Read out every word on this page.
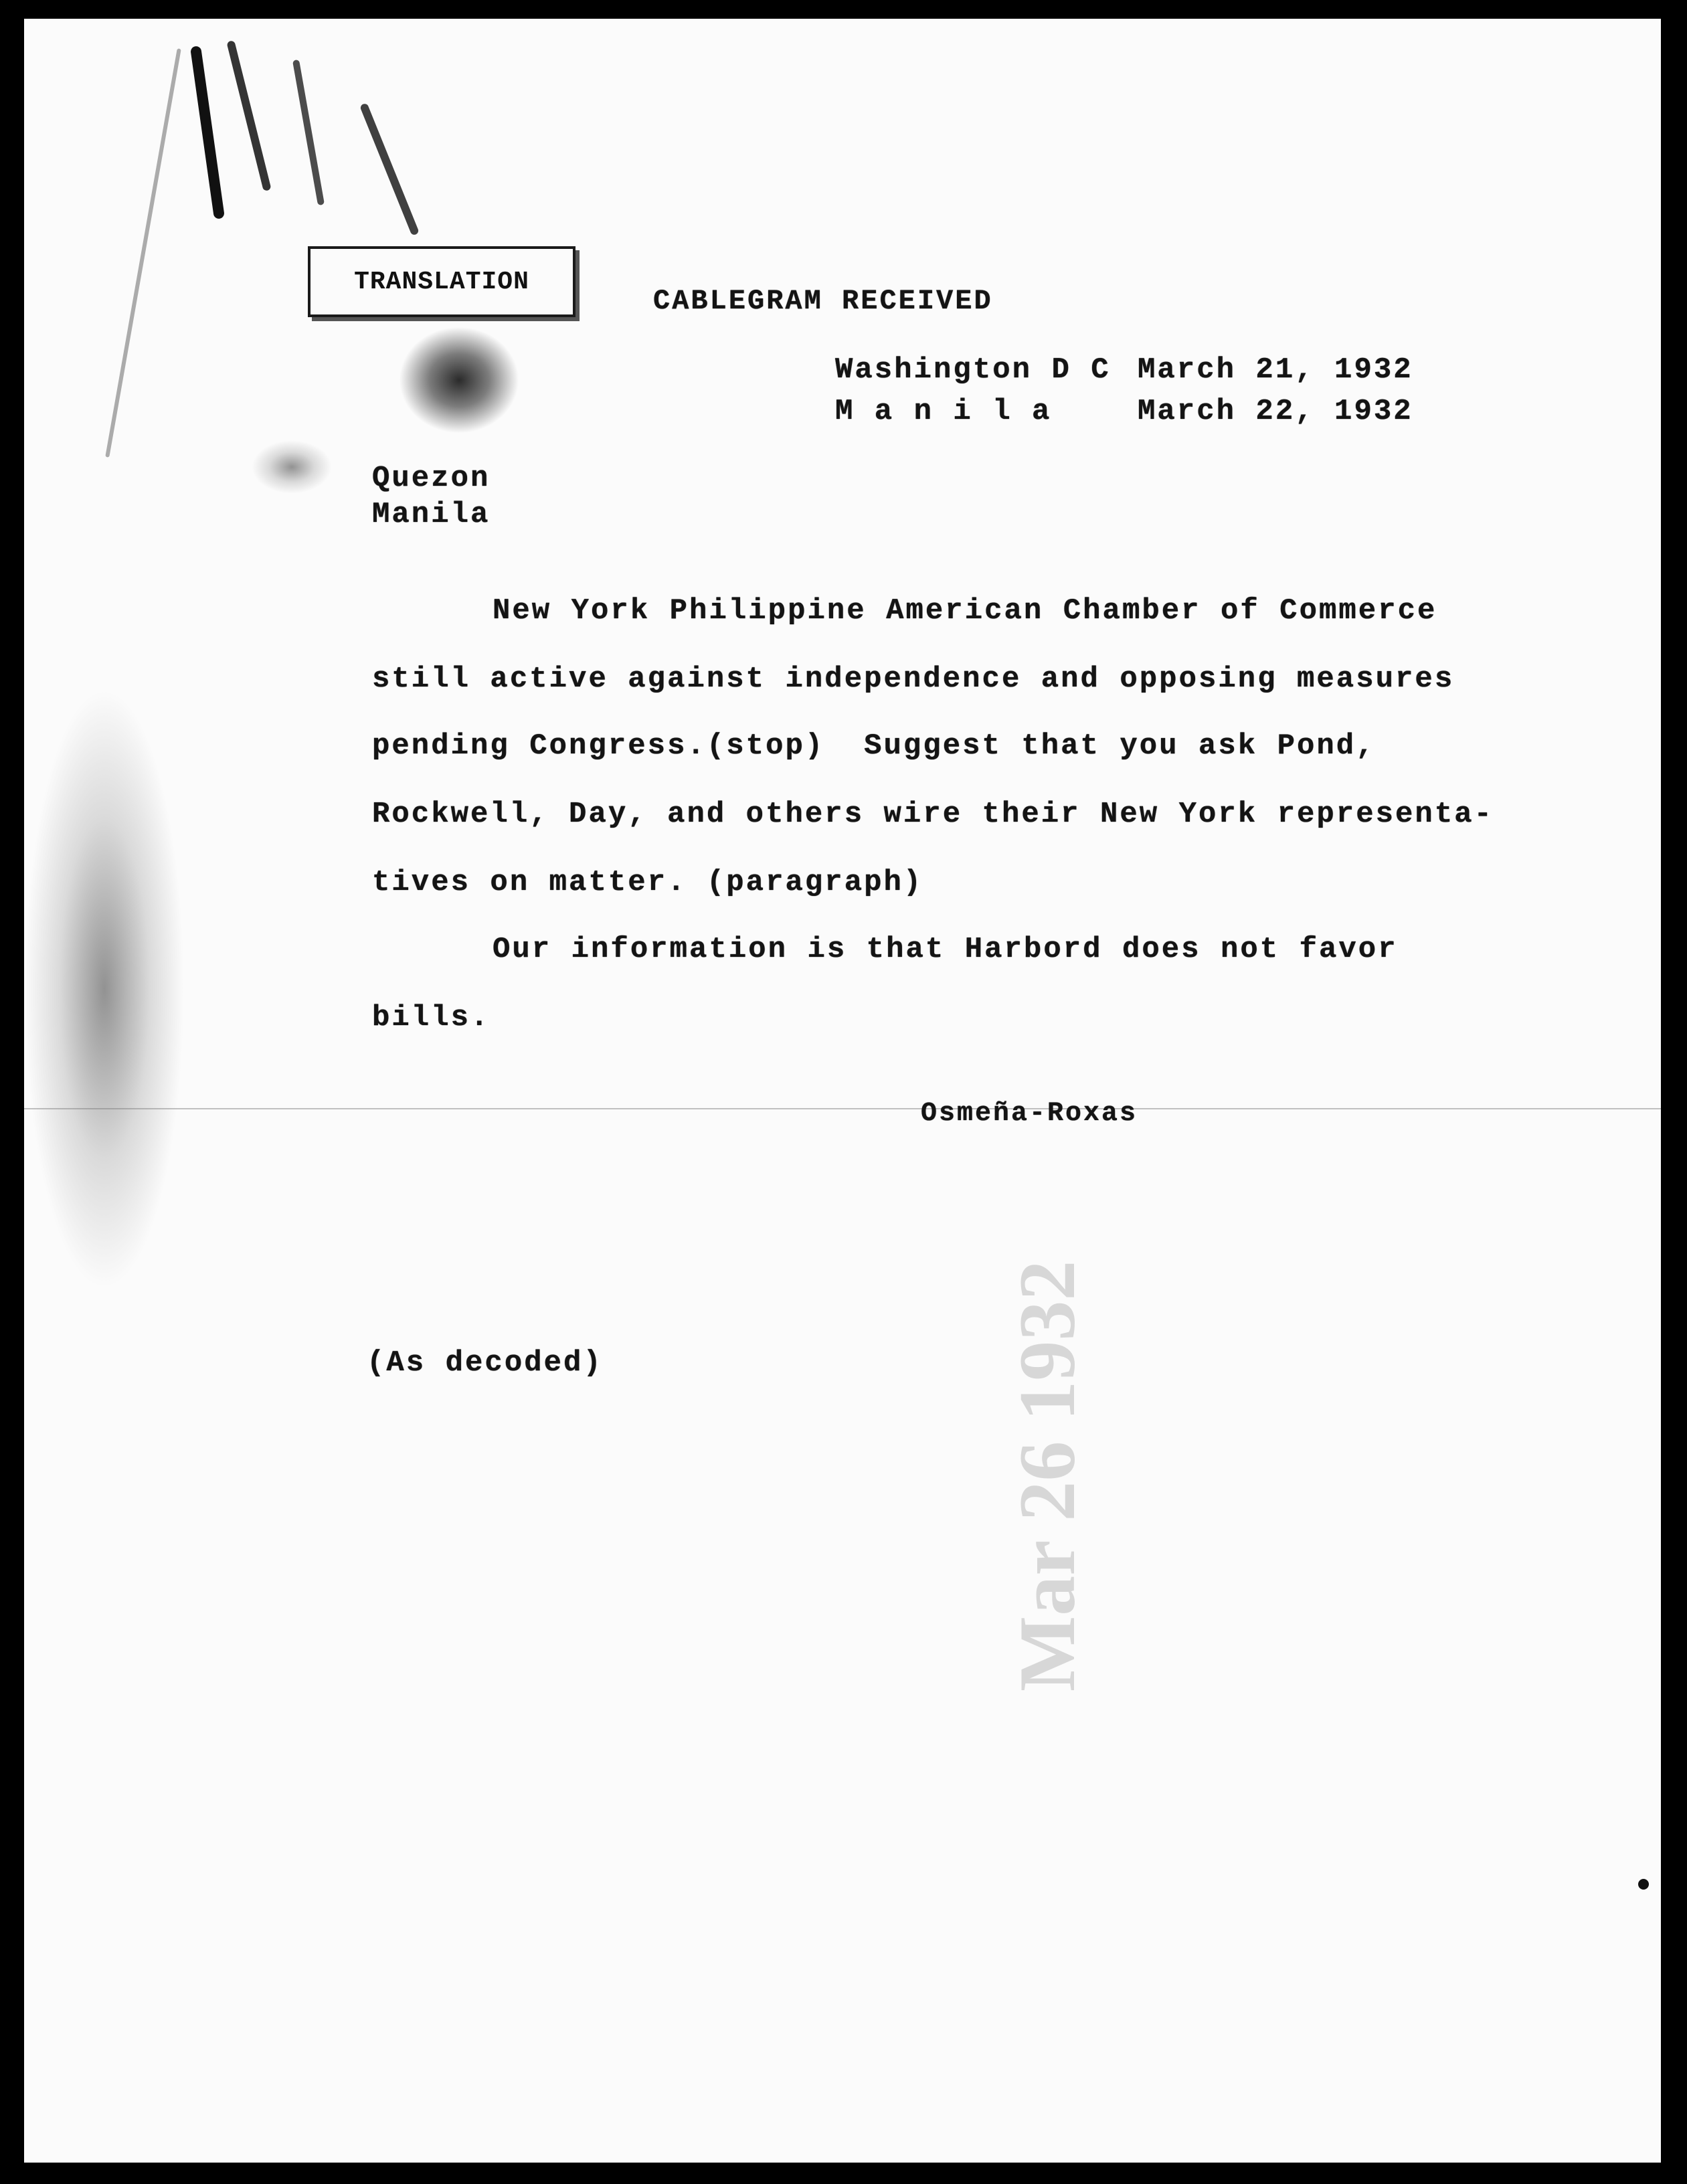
Mar 26 1932
TRANSLATION
CABLEGRAM RECEIVED
Washington D C March 21, 1932
M a n i l a	March 22, 1932
Quezon
Manila
New York Philippine American Chamber of Commerce
still active against independence and opposing measures
pending Congress.(stop)  Suggest that you ask Pond,
Rockwell, Day, and others wire their New York representa-
tives on matter. (paragraph)
Our information is that Harbord does not favor
bills.
Osmeña-Roxas
(As decoded)
